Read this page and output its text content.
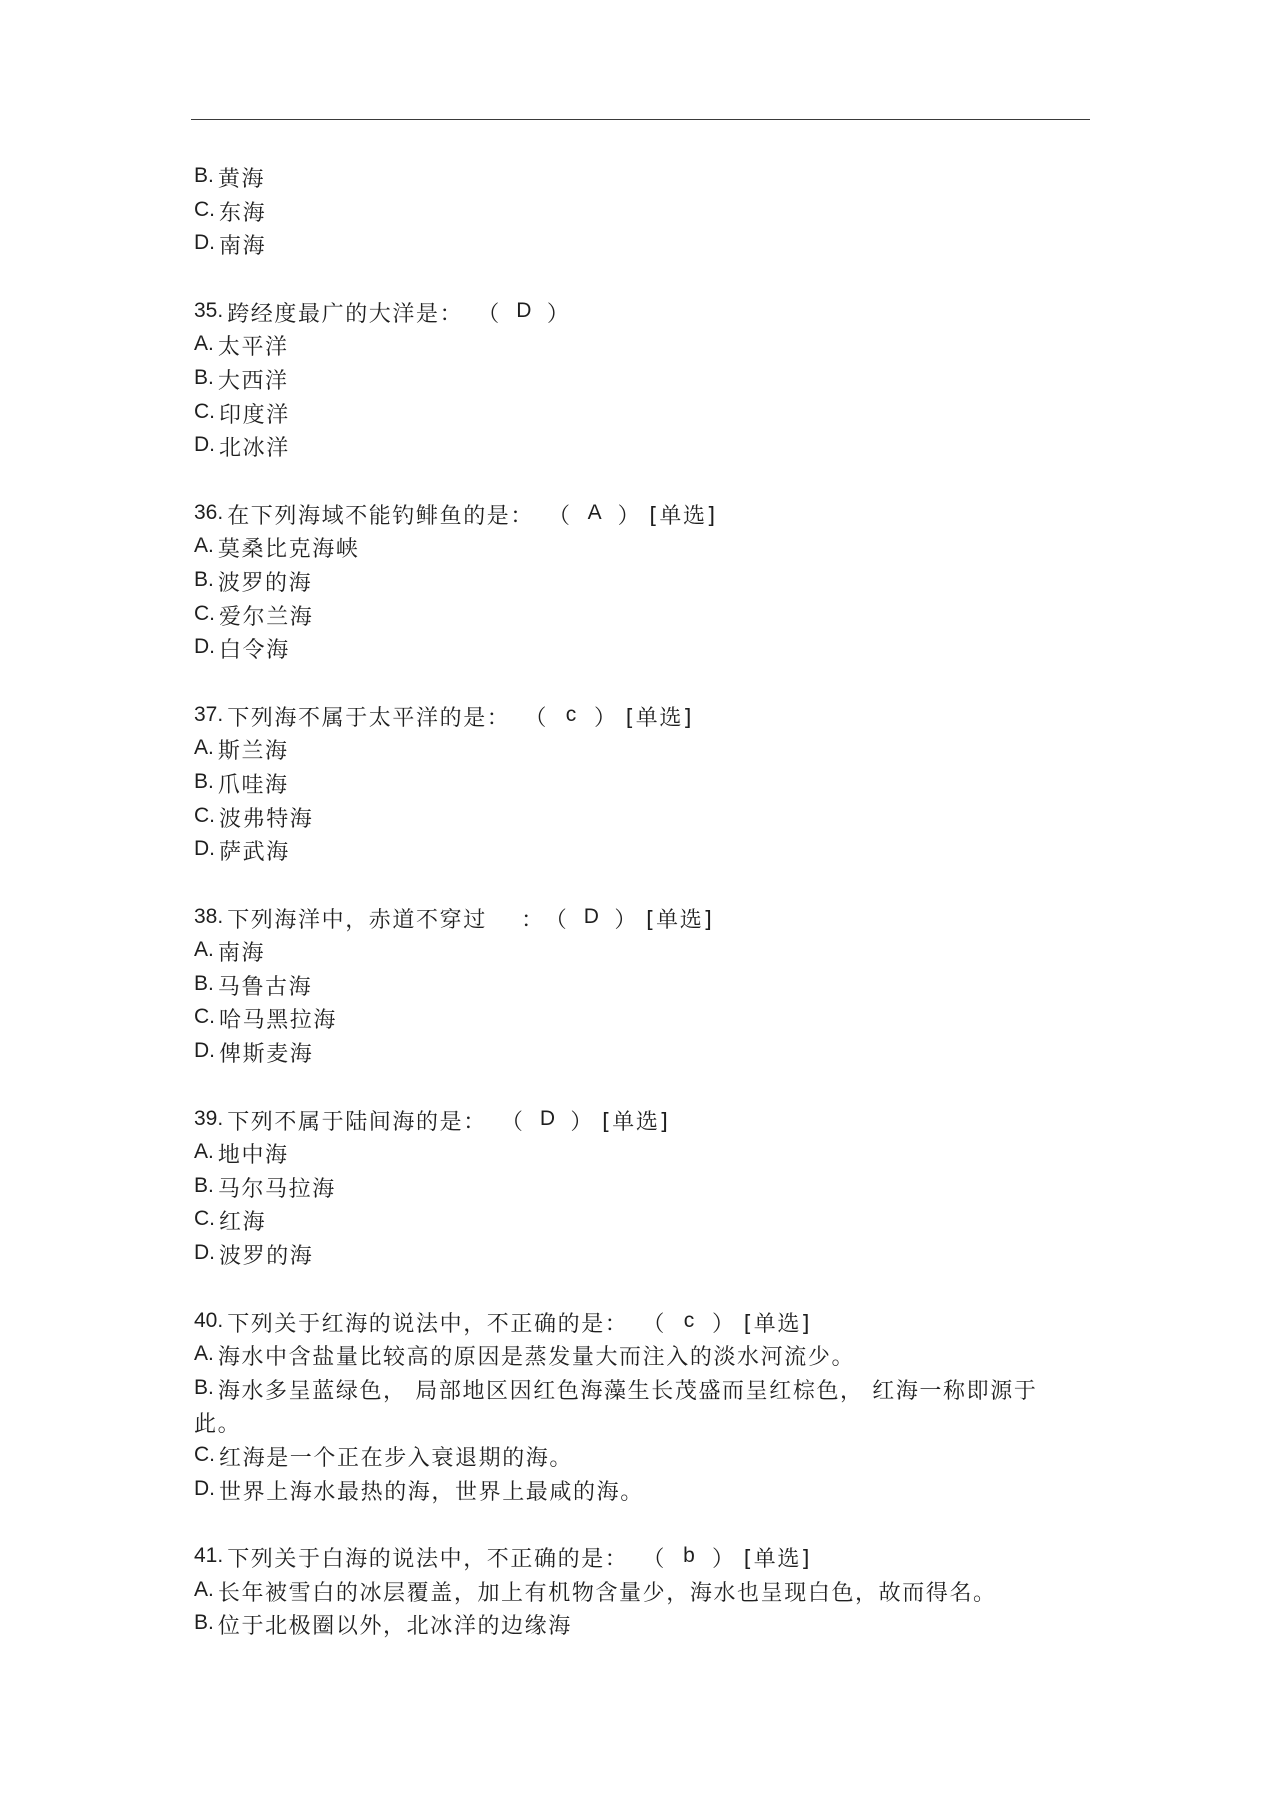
B. 黄海
C. 东海
D. 南海
35. 跨经度最广的大洋是： （ D ）
A. 太平洋
B. 大西洋
C. 印度洋
D. 北冰洋
36. 在下列海域不能钓鲱鱼的是： （ A ） [单选]
A. 莫桑比克海峡
B. 波罗的海
C. 爱尔兰海
D. 白令海
37. 下列海不属于太平洋的是： （ c ） [单选]
A. 斯兰海
B. 爪哇海
C. 波弗特海
D. 萨武海
38. 下列海洋中，赤道不穿过    ：（ D ） [单选]
A. 南海
B. 马鲁古海
C. 哈马黑拉海
D. 俾斯麦海
39. 下列不属于陆间海的是： （ D ） [单选]
A. 地中海
B. 马尔马拉海
C. 红海
D. 波罗的海
40. 下列关于红海的说法中，不正确的是： （ c ） [单选]
A. 海水中含盐量比较高的原因是蒸发量大而注入的淡水河流少。
B. 海水多呈蓝绿色， 局部地区因红色海藻生长茂盛而呈红棕色， 红海一称即源于
此。
C. 红海是一个正在步入衰退期的海。
D. 世界上海水最热的海，世界上最咸的海。
41. 下列关于白海的说法中，不正确的是： （ b ） [单选]
A. 长年被雪白的冰层覆盖，加上有机物含量少，海水也呈现白色，故而得名。
B. 位于北极圈以外，北冰洋的边缘海
